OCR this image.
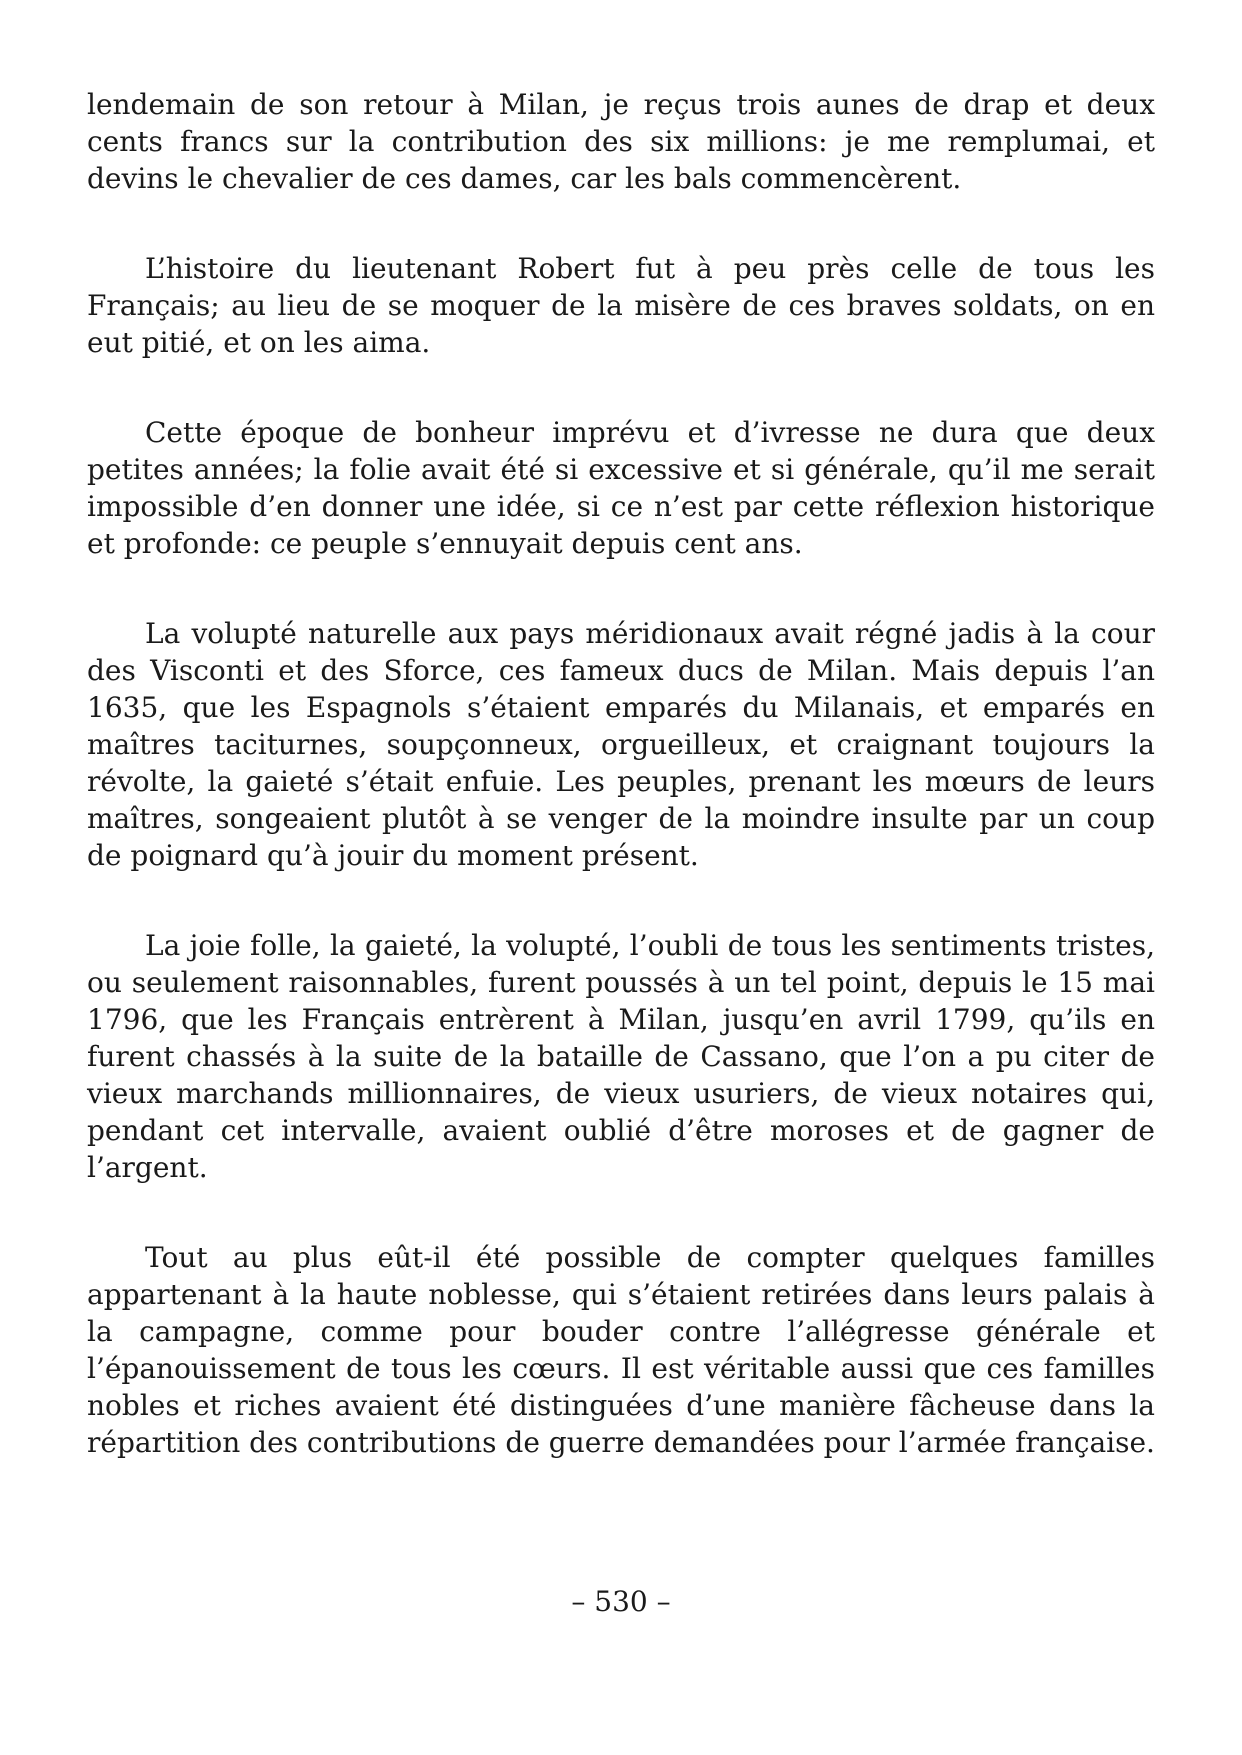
lendemain de son retour à Milan, je reçus trois aunes de drap et deux cents francs sur la contribution des six millions: je me remplumai, et devins le chevalier de ces dames, car les bals commencèrent.

L’histoire du lieutenant Robert fut à peu près celle de tous les Français; au lieu de se moquer de la misère de ces braves soldats, on en eut pitié, et on les aima.

Cette époque de bonheur imprévu et d’ivresse ne dura que deux petites années; la folie avait été si excessive et si générale, qu’il me serait impossible d’en donner une idée, si ce n’est par cette réflexion historique et profonde: ce peuple s’ennuyait depuis cent ans.

La volupté naturelle aux pays méridionaux avait régné jadis à la cour des Visconti et des Sforce, ces fameux ducs de Milan. Mais depuis l’an 1635, que les Espagnols s’étaient emparés du Milanais, et emparés en maîtres taciturnes, soupçonneux, orgueilleux, et craignant toujours la révolte, la gaieté s’était enfuie. Les peuples, prenant les mœurs de leurs maîtres, songeaient plutôt à se venger de la moindre insulte par un coup de poignard qu’à jouir du moment présent.

La joie folle, la gaieté, la volupté, l’oubli de tous les sentiments tristes, ou seulement raisonnables, furent poussés à un tel point, depuis le 15 mai 1796, que les Français entrèrent à Milan, jusqu’en avril 1799, qu’ils en furent chassés à la suite de la bataille de Cassano, que l’on a pu citer de vieux marchands millionnaires, de vieux usuriers, de vieux notaires qui, pendant cet intervalle, avaient oublié d’être moroses et de gagner de l’argent.

Tout au plus eût-il été possible de compter quelques familles appartenant à la haute noblesse, qui s’étaient retirées dans leurs palais à la campagne, comme pour bouder contre l’allégresse générale et l’épanouissement de tous les cœurs. Il est véritable aussi que ces familles nobles et riches avaient été distinguées d’une manière fâcheuse dans la répartition des contributions de guerre demandées pour l’armée française.

– 530 –
